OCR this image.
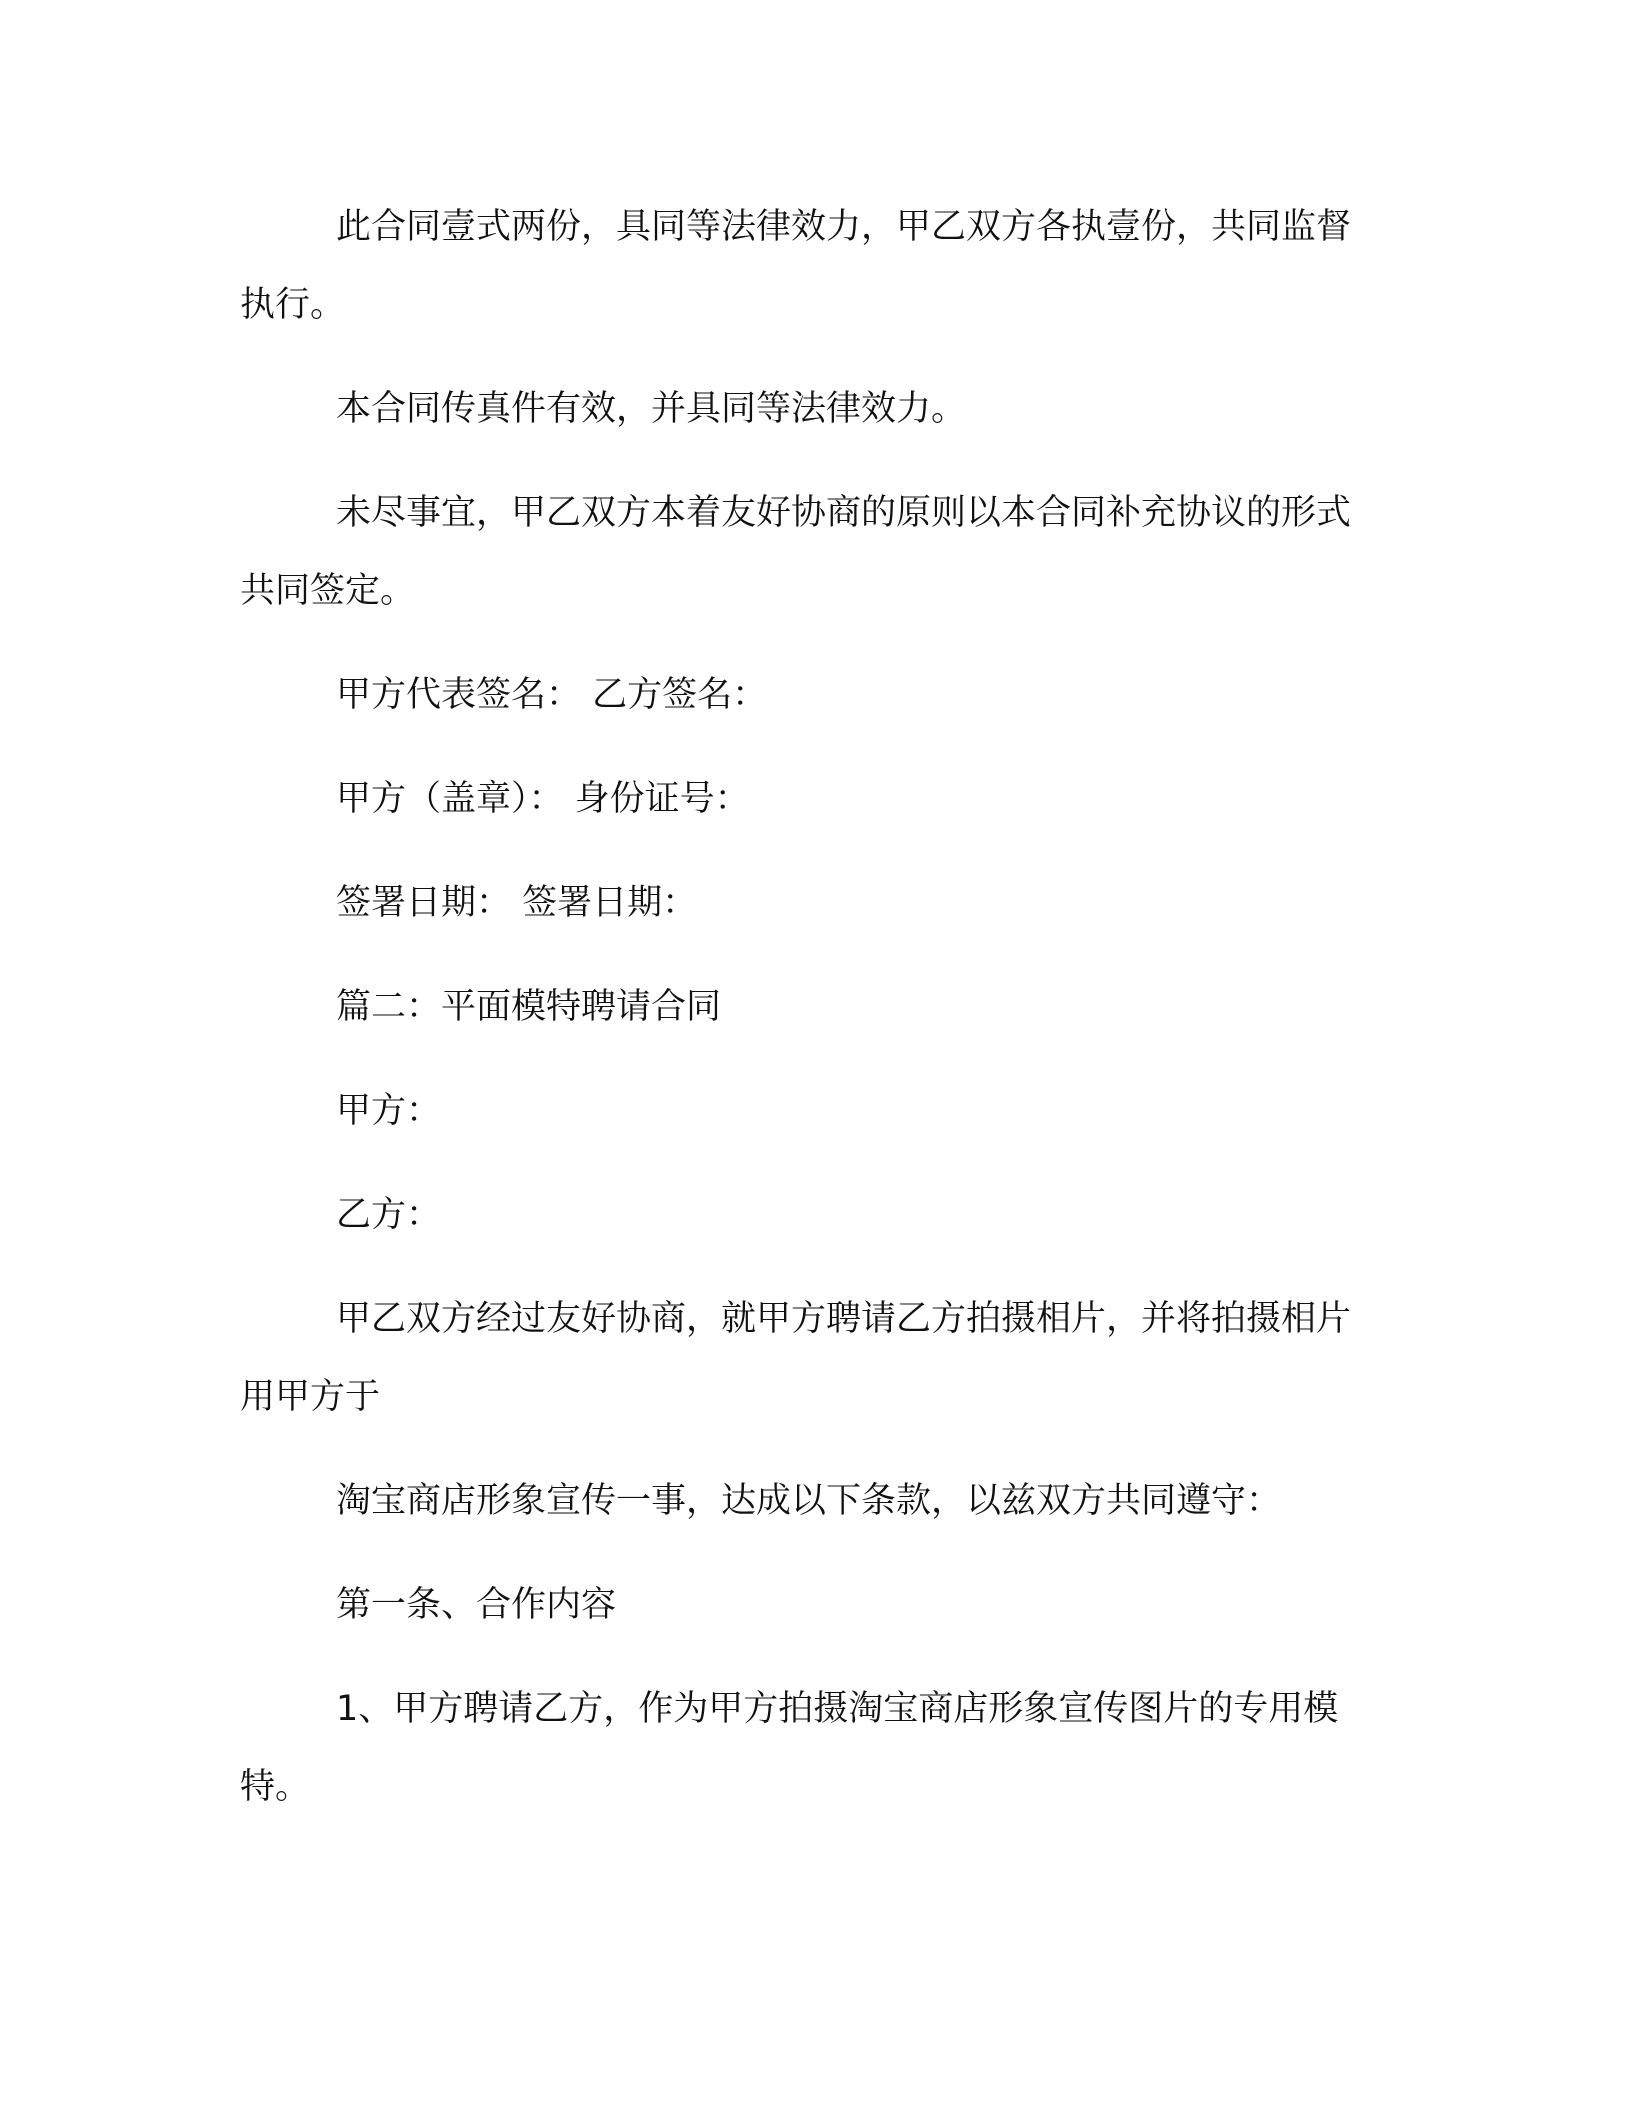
此合同壹式两份，具同等法律效力，甲乙双方各执壹份，共同监督执行。

本合同传真件有效，并具同等法律效力。

未尽事宜，甲乙双方本着友好协商的原则以本合同补充协议的形式共同签定。

甲方代表签名： 乙方签名：

甲方（盖章）： 身份证号：

签署日期： 签署日期：

篇二：平面模特聘请合同

甲方：

乙方：

甲乙双方经过友好协商，就甲方聘请乙方拍摄相片，并将拍摄相片用甲方于

淘宝商店形象宣传一事，达成以下条款，以兹双方共同遵守：

第一条、合作内容

1、甲方聘请乙方，作为甲方拍摄淘宝商店形象宣传图片的专用模特。
